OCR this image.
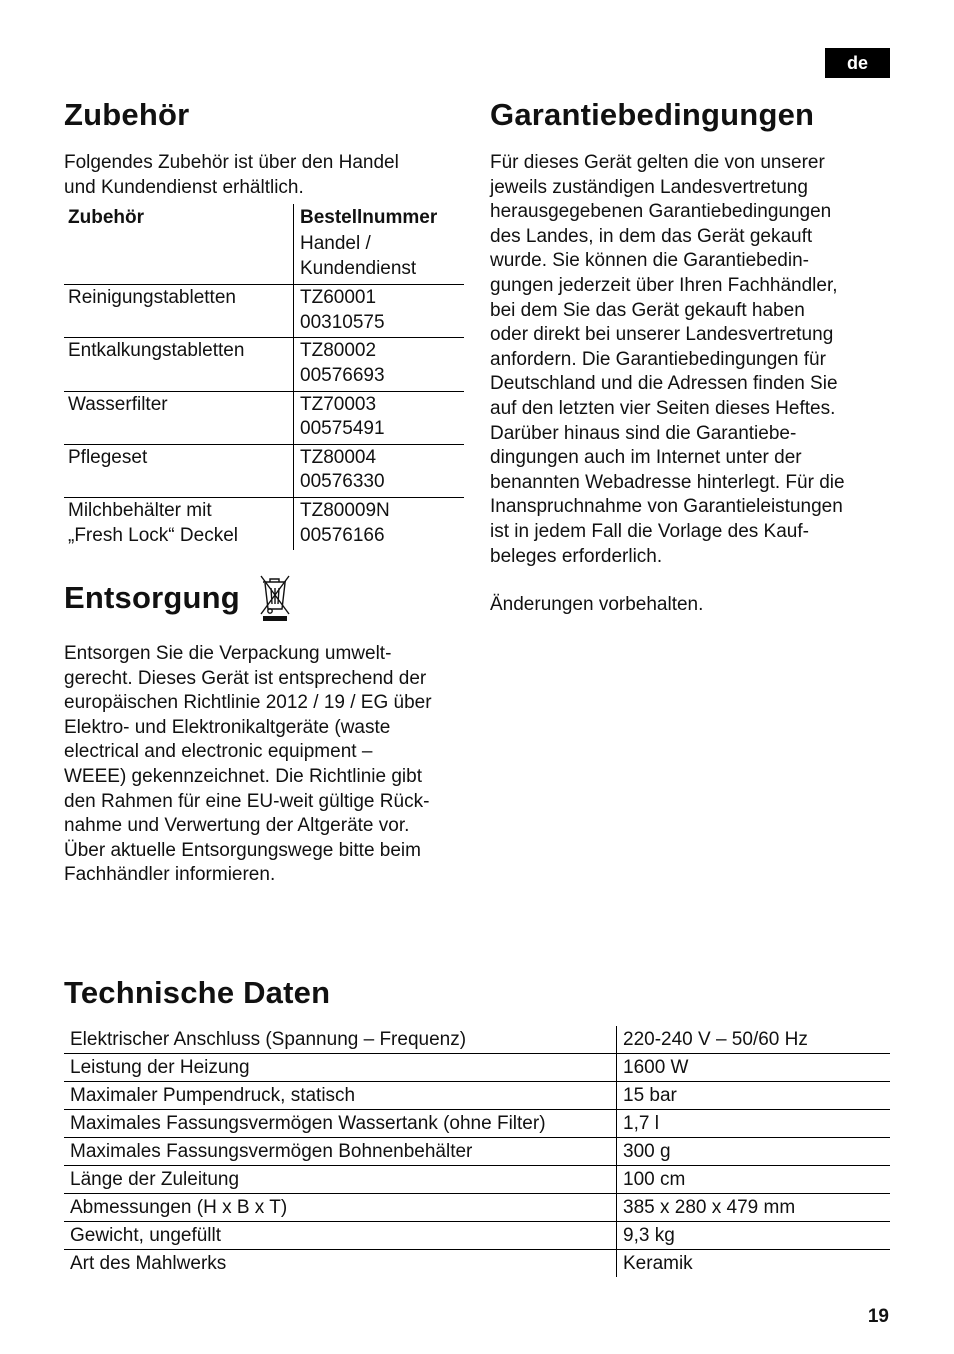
de
Zubehör

Folgendes Zubehör ist über den Handel
und Kundendienst erhältlich.

Zubehör	Bestellnummer

	Handel /
Kundendienst

Reinigungstabletten	TZ60001
00310575

Entkalkungstabletten	TZ80002
00576693

Wasserfilter	TZ70003
00575491

Pflegeset	TZ80004
00576330

Milchbehälter mit
„Fresh Lock“ Deckel	TZ80009N
00576166
Entsorgung

Entsorgen Sie die Verpackung umwelt-
gerecht. Dieses Gerät ist entsprechend der
europäischen Richtlinie 2012 / 19 / EG über
Elektro- und Elektronikaltgeräte (waste
electrical and electronic equipment –
WEEE) gekennzeichnet. Die Richtlinie gibt
den Rahmen für eine EU-weit gültige Rück-
nahme und Verwertung der Altgeräte vor.
Über aktuelle Entsorgungswege bitte beim
Fachhändler informieren.

Garantiebedingungen

Für dieses Gerät gelten die von unserer
jeweils zuständigen Landesvertretung
herausgegebenen Garantiebedingungen
des Landes, in dem das Gerät gekauft
wurde. Sie können die Garantiebedin-
gungen jederzeit über Ihren Fachhändler,
bei dem Sie das Gerät gekauft haben
oder direkt bei unserer Landesvertretung
anfordern. Die Garantiebedingungen für
Deutschland und die Adressen finden Sie
auf den letzten vier Seiten dieses Heftes.
Darüber hinaus sind die Garantiebe-
dingungen auch im Internet unter der
benannten Webadresse hinterlegt. Für die
Inanspruchnahme von Garantieleistungen
ist in jedem Fall die Vorlage des Kauf-
beleges erforderlich.

Änderungen vorbehalten.

Technische Daten
Elektrischer Anschluss (Spannung – Frequenz)	220-240 V – 50/60 Hz
Leistung der Heizung	1600 W
Maximaler Pumpendruck, statisch	15 bar
Maximales Fassungsvermögen Wassertank (ohne Filter)	1,7 l
Maximales Fassungsvermögen Bohnenbehälter	300 g
Länge der Zuleitung	100 cm
Abmessungen (H x B x T)	385 x 280 x 479 mm
Gewicht, ungefüllt	9,3 kg
Art des Mahlwerks	Keramik
19
